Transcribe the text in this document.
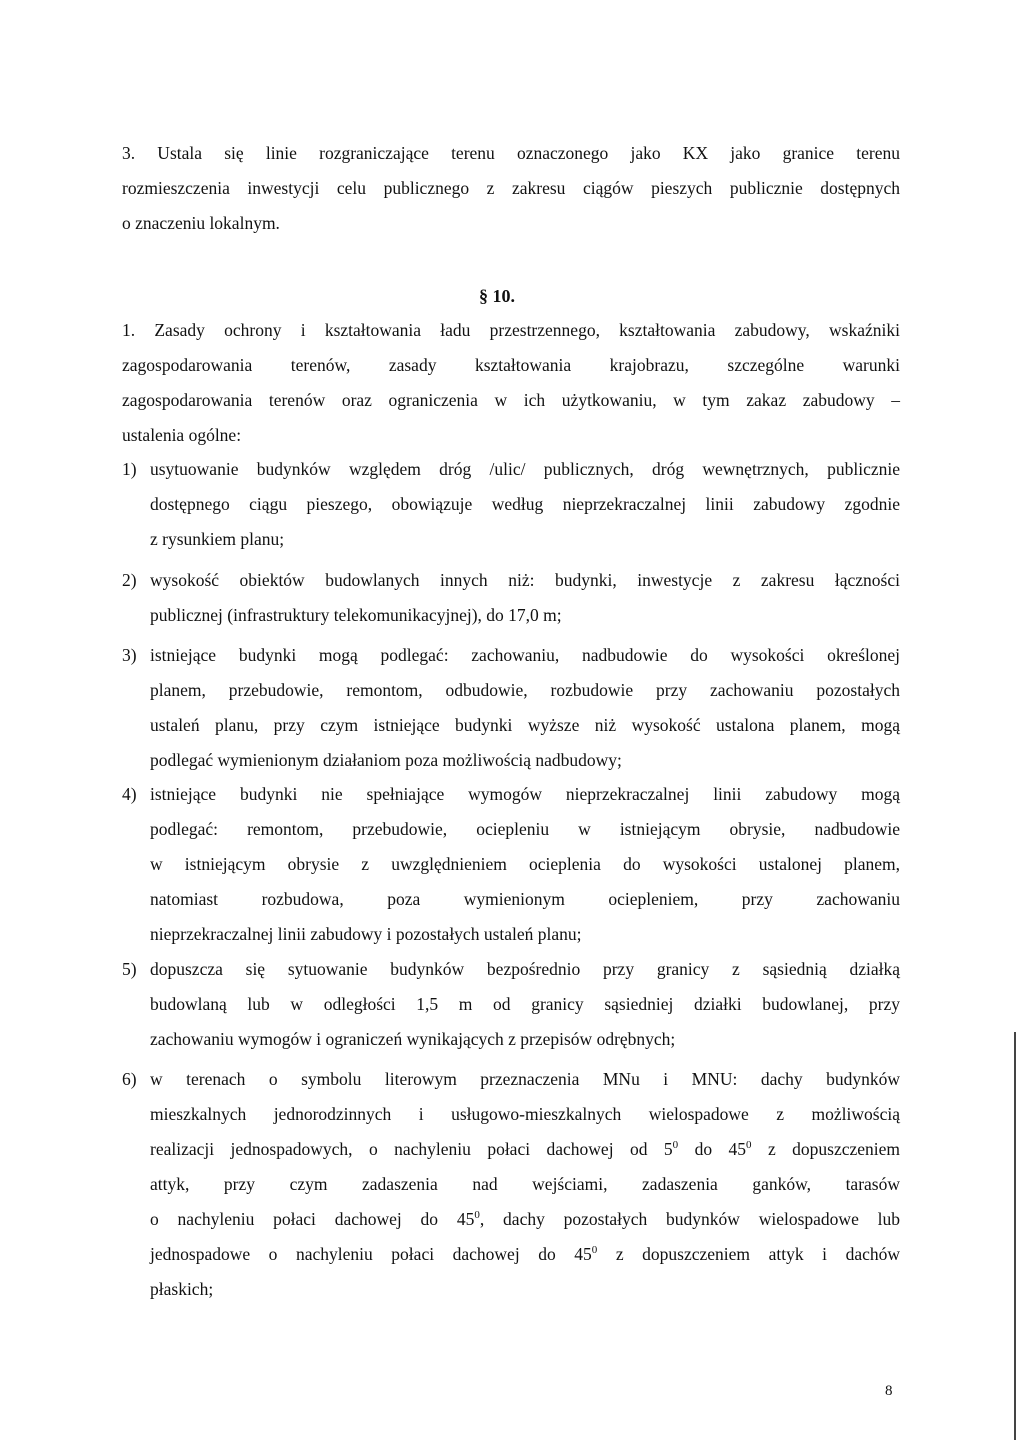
3. Ustala się linie rozgraniczające terenu oznaczonego jako KX jako granice terenu
rozmieszczenia inwestycji celu publicznego z zakresu ciągów pieszych publicznie dostępnych
o znaczeniu lokalnym.
§ 10.
1. Zasady ochrony i kształtowania ładu przestrzennego, kształtowania zabudowy, wskaźniki
zagospodarowania terenów, zasady kształtowania krajobrazu, szczególne warunki
zagospodarowania terenów oraz ograniczenia w ich użytkowaniu, w tym zakaz zabudowy –
ustalenia ogólne:
1) usytuowanie budynków względem dróg /ulic/ publicznych, dróg wewnętrznych, publicznie
dostępnego ciągu pieszego, obowiązuje według nieprzekraczalnej linii zabudowy zgodnie
z rysunkiem planu;
2) wysokość obiektów budowlanych innych niż: budynki, inwestycje z zakresu łączności
publicznej (infrastruktury telekomunikacyjnej), do 17,0 m;
3) istniejące budynki mogą podlegać: zachowaniu, nadbudowie do wysokości określonej
planem, przebudowie, remontom, odbudowie, rozbudowie przy zachowaniu pozostałych
ustaleń planu, przy czym istniejące budynki wyższe niż wysokość ustalona planem, mogą
podlegać wymienionym działaniom poza możliwością nadbudowy;
4) istniejące budynki nie spełniające wymogów nieprzekraczalnej linii zabudowy mogą
podlegać: remontom, przebudowie, ociepleniu w istniejącym obrysie, nadbudowie
w istniejącym obrysie z uwzględnieniem ocieplenia do wysokości ustalonej planem,
natomiast rozbudowa, poza wymienionym ociepleniem, przy zachowaniu
nieprzekraczalnej linii zabudowy i pozostałych ustaleń planu;
5) dopuszcza się sytuowanie budynków bezpośrednio przy granicy z sąsiednią działką
budowlaną lub w odległości 1,5 m od granicy sąsiedniej działki budowlanej, przy
zachowaniu wymogów i ograniczeń wynikających z przepisów odrębnych;
6) w terenach o symbolu literowym przeznaczenia MNu i MNU: dachy budynków
mieszkalnych jednorodzinnych i usługowo-mieszkalnych wielospadowe z możliwością
realizacji jednospadowych, o nachyleniu połaci dachowej od $5^0$ do $45^0$ z dopuszczeniem
attyk, przy czym zadaszenia nad wejściami, zadaszenia ganków, tarasów
o nachyleniu połaci dachowej do $45^0$, dachy pozostałych budynków wielospadowe lub
jednospadowe o nachyleniu połaci dachowej do $45^0$ z dopuszczeniem attyk i dachów
płaskich;
8
